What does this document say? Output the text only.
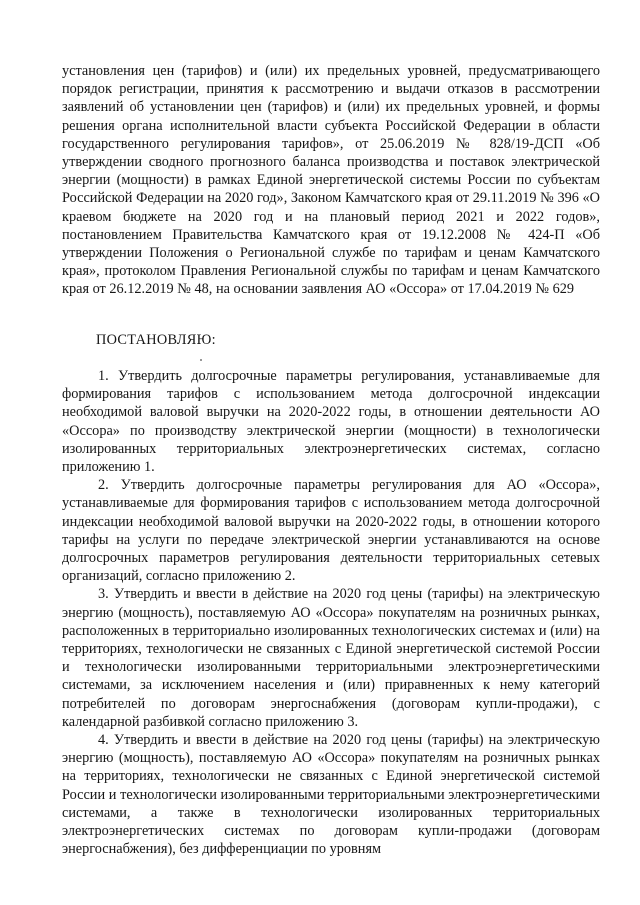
установления цен (тарифов) и (или) их предельных уровней, предусматривающего порядок регистрации, принятия к рассмотрению и выдачи отказов в рассмотрении заявлений об установлении цен (тарифов) и (или) их предельных уровней, и формы решения органа исполнительной власти субъекта Российской Федерации в области государственного регулирования тарифов», от 25.06.2019 № 828/19-ДСП «Об утверждении сводного прогнозного баланса производства и поставок электрической энергии (мощности) в рамках Единой энергетической системы России по субъектам Российской Федерации на 2020 год», Законом Камчатского края от 29.11.2019 № 396 «О краевом бюджете на 2020 год и на плановый период 2021 и 2022 годов», постановлением Правительства Камчатского края от 19.12.2008 № 424-П «Об утверждении Положения о Региональной службе по тарифам и ценам Камчатского края», протоколом Правления Региональной службы по тарифам и ценам Камчатского края от 26.12.2019 № 48, на основании заявления АО «Оссора» от 17.04.2019 № 629

ПОСТАНОВЛЯЮ:

1. Утвердить долгосрочные параметры регулирования, устанавливаемые для формирования тарифов с использованием метода долгосрочной индексации необходимой валовой выручки на 2020-2022 годы, в отношении деятельности АО «Оссора» по производству электрической энергии (мощности) в технологически изолированных территориальных электроэнергетических системах, согласно приложению 1.

2. Утвердить долгосрочные параметры регулирования для АО «Оссора», устанавливаемые для формирования тарифов с использованием метода долгосрочной индексации необходимой валовой выручки на 2020-2022 годы, в отношении которого тарифы на услуги по передаче электрической энергии устанавливаются на основе долгосрочных параметров регулирования деятельности территориальных сетевых организаций, согласно приложению 2.

3. Утвердить и ввести в действие на 2020 год цены (тарифы) на электрическую энергию (мощность), поставляемую АО «Оссора» покупателям на розничных рынках, расположенных в территориально изолированных технологических системах и (или) на территориях, технологически не связанных с Единой энергетической системой России и технологически изолированными территориальными электроэнергетическими системами, за исключением населения и (или) приравненных к нему категорий потребителей по договорам энергоснабжения (договорам купли-продажи), с календарной разбивкой согласно приложению 3.

4. Утвердить и ввести в действие на 2020 год цены (тарифы) на электрическую энергию (мощность), поставляемую АО «Оссора» покупателям на розничных рынках на территориях, технологически не связанных с Единой энергетической системой России и технологически изолированными территориальными электроэнергетическими системами, а также в технологически изолированных территориальных электроэнергетических системах по договорам купли-продажи (договорам энергоснабжения), без дифференциации по уровням
